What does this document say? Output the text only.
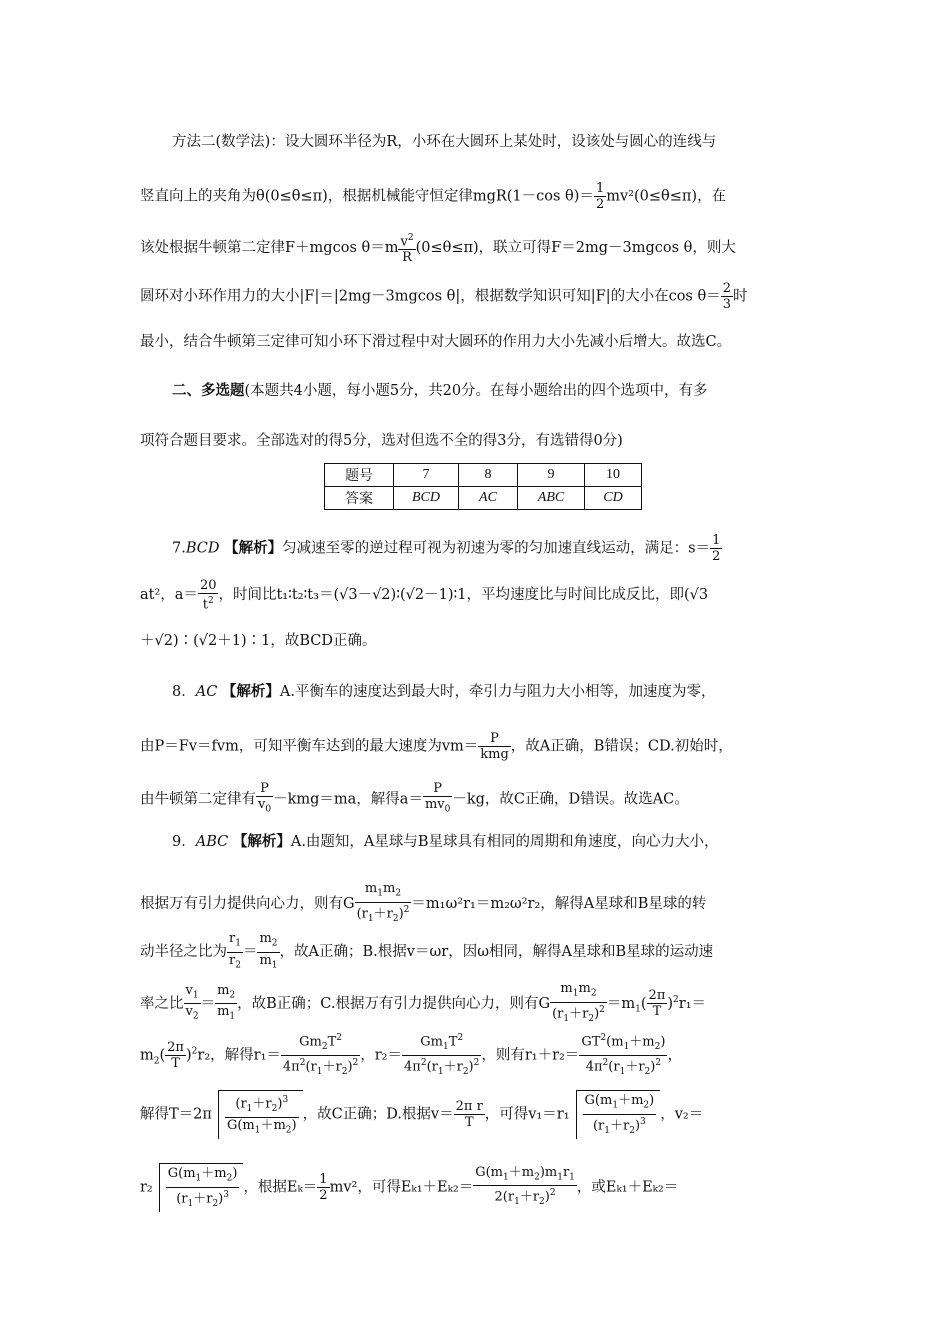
方法二(数学法)：设大圆环半径为R，小环在大圆环上某处时，设该处与圆心的连线与
竖直向上的夹角为θ(0≤θ≤π)，根据机械能守恒定律mgR(1－cos $\theta)= \frac{1}{2} mv^2(0\le\theta\le\pi)$，在
该处根据牛顿第二定律F＋mgcos $\theta=m \frac{v^2}{R} (0\le\theta\le\pi)$，联立可得F＝2mg－3mgcos θ，则大
圆环对小环作用力的大小|F|＝|2mg－3mgcos θ|，根据数学知识可知|F|的大小在$\cos \theta= \frac{2}{3}$ 时
最小，结合牛顿第三定律可知小环下滑过程中对大圆环的作用力大小先减小后增大。故选C。
二、多选题(本题共4小题，每小题5分，共20分。在每小题给出的四个选项中，有多
项符合题目要求。全部选对的得5分，选对但选不全的得3分，有选错得0分)
题号	7	8	9	10
答案	BCD	AC	ABC	CD
7.BCD 【解析】匀减速至零的逆过程可视为初速为零的匀加速直线运动，满足：$s= \frac{1}{2}$
at²，$a= \frac{20}{t^2}$ ，时间比t₁∶t₂∶t₃＝(√3－√2)∶(√2－1)∶1，平均速度比与时间比成反比，即(√3
＋√2)∶(√2＋1)∶1，故BCD正确。
8．AC 【解析】A.平衡车的速度达到最大时，牵引力与阻力大小相等，加速度为零，
由P＝Fv＝fvm，可知平衡车达到的最大速度为$vm= \frac{P}{\text{kmg}}$ ，故A正确，B错误；CD.初始时，
由牛顿第二定律有 $\frac{P}{v_0} -kmg=ma$，解得$a= \frac{P}{mv_0} -kg$，故C正确，D错误。故选AC。
9．ABC 【解析】A.由题知，A星球与B星球具有相同的周期和角速度，向心力大小，
根据万有引力提供向心力，则有G $\frac{m_1m_2}{(r_1+r_2)^2} =m_1\omega^2r_1=m_2\omega^2r_2$，解得A星球和B星球的转
动半径之比为 $\frac{r_1}{r_2} = \frac{m_2}{m_1}$ ，故A正确；B.根据v＝ωr，因ω相同，解得A星球和B星球的运动速
率之比 $\frac{v_1}{v_2} = \frac{m_2}{m_1}$ ，故B正确；C.根据万有引力提供向心力，则有G $\frac{m_1m_2}{(r_1+r_2)^2} =m_1( \frac{2\pi}{T} )^2r_1=$
$m_2( \frac{2\pi}{T} )^2r_2$，解得$r_1= \frac{Gm_2T^2}{4\pi^2(r_1+r_2)^2}$ ，$r_2= \frac{Gm_1T^2}{4\pi^2(r_1+r_2)^2}$ ，则有$r_1+r_2= \frac{GT^2(m_1+m_2)}{4\pi^2(r_1+r_2)^2}$ ，
解得$T=2\pi \frac{(r_1+r_2)^3}{G(m_1+m_2)}$ ，故C正确；D.根据$v= \frac{\text{2π r}}{T}$ ，可得$v_1=r_1 \frac{G(m_1+m_2)}{(r_1+r_2)^3}$ ，v₂＝
$r_2 \frac{G(m_1+m_2)}{(r_1+r_2)^3}$ ，根据$E_k= \frac{1}{2} mv^2$，可得$E_{k1}+E_{k2}= \frac{G(m_1+m_2)m_1r_1}{2(r_1+r_2)^2}$ ，或Eₖ₁＋Eₖ₂＝
